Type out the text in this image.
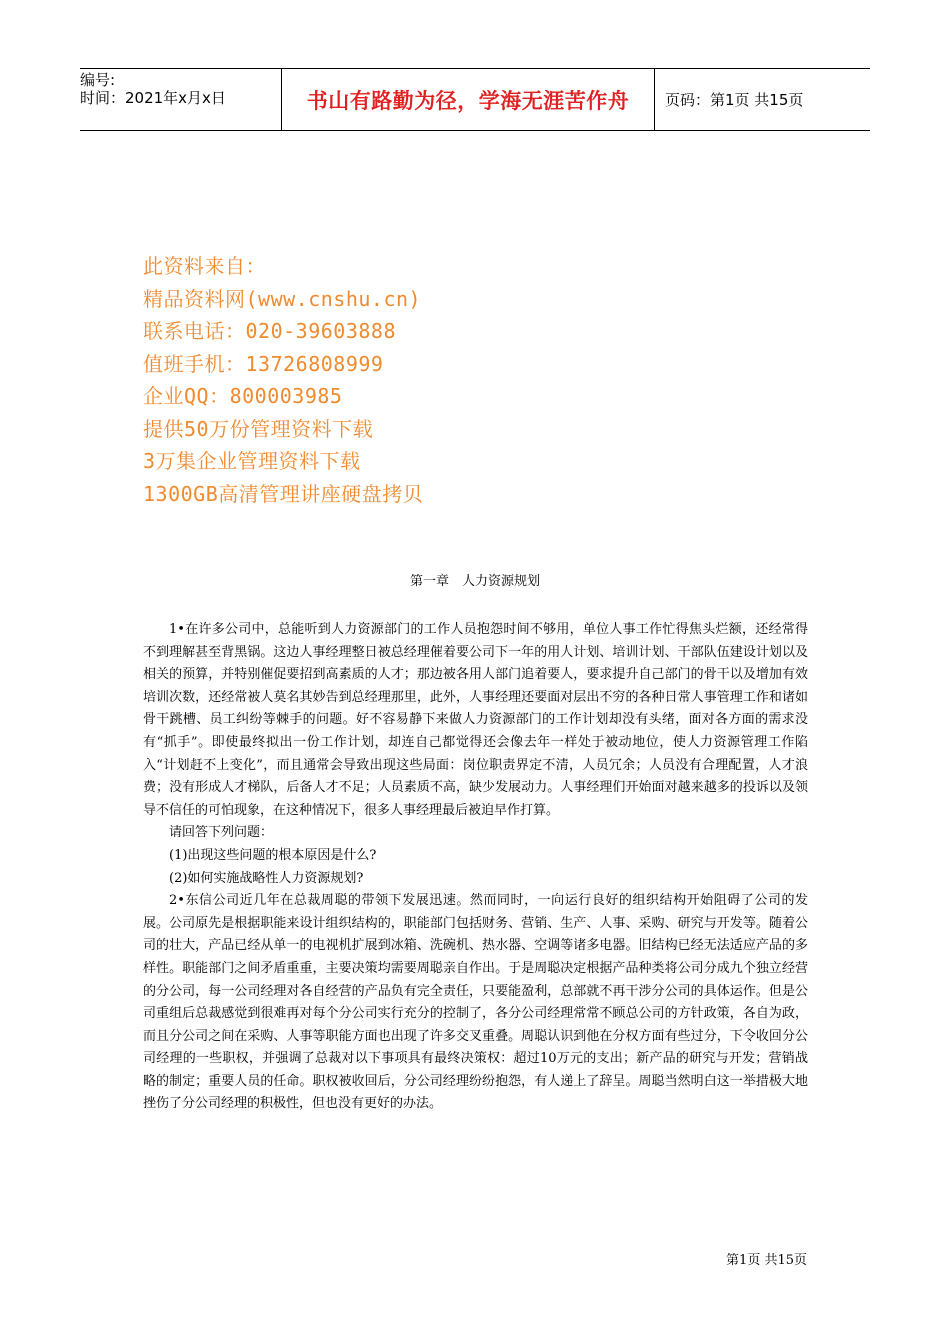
编号:
时间：2021年x月x日	书山有路勤为径，学海无涯苦作舟	页码：第1页 共15页
此资料来自：
精品资料网(www.cnshu.cn)
联系电话：020-39603888
值班手机：13726808999
企业QQ：800003985
提供50万份管理资料下载
3万集企业管理资料下载
1300GB高清管理讲座硬盘拷贝
第一章　人力资源规划

1•在许多公司中，总能听到人力资源部门的工作人员抱怨时间不够用，单位人事工作忙得焦头烂额，还经常得不到理解甚至背黑锅。这边人事经理整日被总经理催着要公司下一年的用人计划、培训计划、干部队伍建设计划以及相关的预算，并特别催促要招到高素质的人才；那边被各用人部门追着要人，要求提升自己部门的骨干以及增加有效培训次数，还经常被人莫名其妙告到总经理那里，此外，人事经理还要面对层出不穷的各种日常人事管理工作和诸如骨干跳槽、员工纠纷等棘手的问题。好不容易静下来做人力资源部门的工作计划却没有头绪，面对各方面的需求没有“抓手”。即使最终拟出一份工作计划，却连自己都觉得还会像去年一样处于被动地位，使人力资源管理工作陷入“计划赶不上变化”，而且通常会导致出现这些局面：岗位职责界定不清，人员冗余；人员没有合理配置，人才浪费；没有形成人才梯队，后备人才不足；人员素质不高，缺少发展动力。人事经理们开始面对越来越多的投诉以及领导不信任的可怕现象，在这种情况下，很多人事经理最后被迫早作打算。

请回答下列问题：

(1)出现这些问题的根本原因是什么?

(2)如何实施战略性人力资源规划?

2•东信公司近几年在总裁周聪的带领下发展迅速。然而同时，一向运行良好的组织结构开始阻碍了公司的发展。公司原先是根据职能来设计组织结构的，职能部门包括财务、营销、生产、人事、采购、研究与开发等。随着公司的壮大，产品已经从单一的电视机扩展到冰箱、洗碗机、热水器、空调等诸多电器。旧结构已经无法适应产品的多样性。职能部门之间矛盾重重，主要决策均需要周聪亲自作出。于是周聪决定根据产品种类将公司分成九个独立经营的分公司，每一公司经理对各自经营的产品负有完全责任，只要能盈利，总部就不再干涉分公司的具体运作。但是公司重组后总裁感觉到很难再对每个分公司实行充分的控制了，各分公司经理常常不顾总公司的方针政策，各自为政，而且分公司之间在采购、人事等职能方面也出现了许多交叉重叠。周聪认识到他在分权方面有些过分，下令收回分公司经理的一些职权，并强调了总裁对以下事项具有最终决策权：超过10万元的支出；新产品的研究与开发；营销战略的制定；重要人员的任命。职权被收回后，分公司经理纷纷抱怨，有人递上了辞呈。周聪当然明白这一举措极大地挫伤了分公司经理的积极性，但也没有更好的办法。

第1页 共15页
